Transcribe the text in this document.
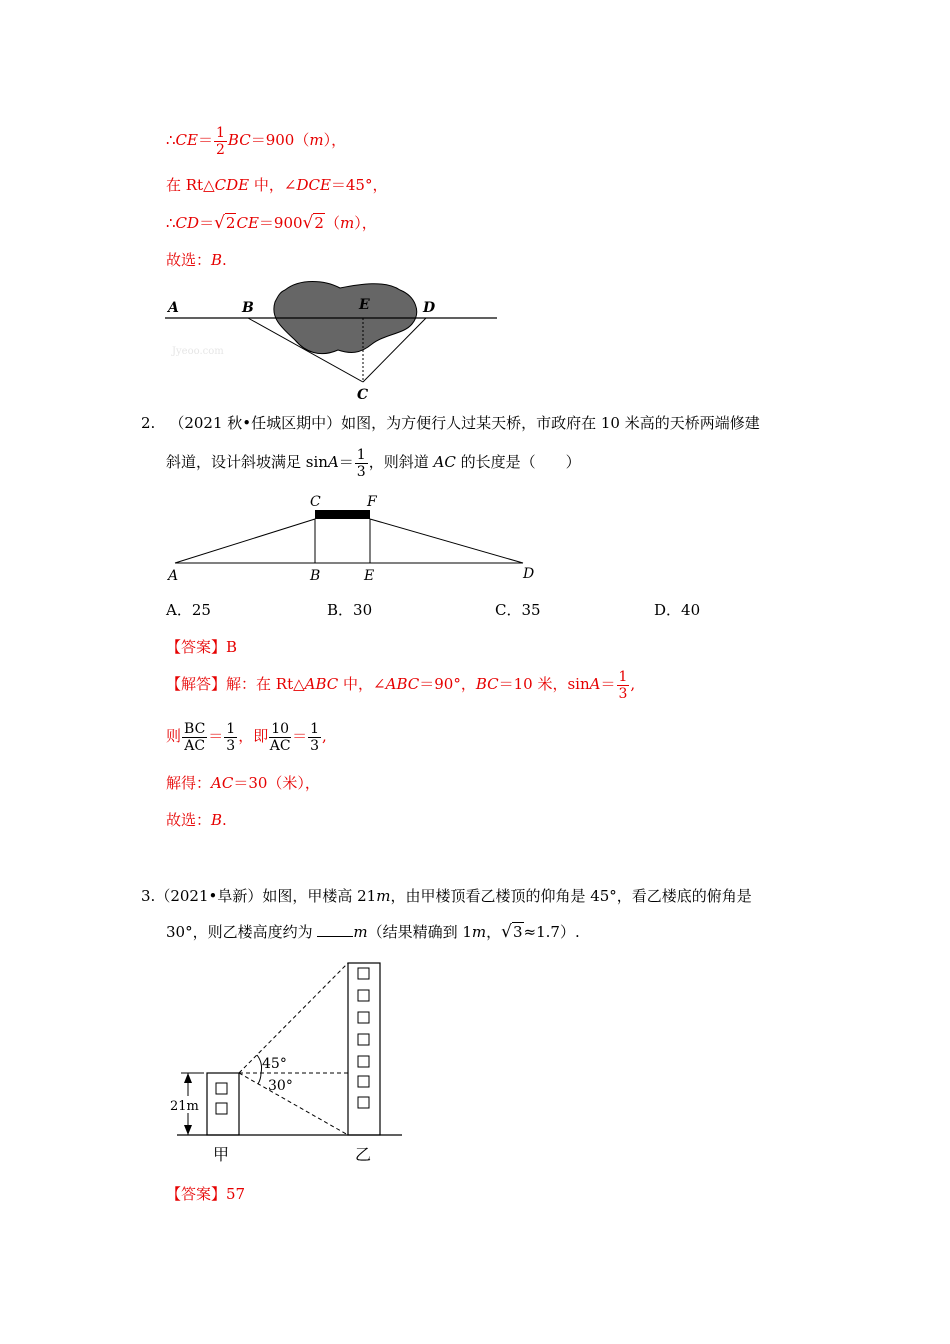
∴CE＝ $\frac{1}{2} BC=900(m)$，
在 Rt△CDE 中，∠DCE＝45°，
∴CD＝√2CE＝900√2（m），
故选：B.
A	B	E	D
C
Jyeoo.com
2. （2021 秋•任城区期中）如图，为方便行人过某天桥，市政府在 10 米高的天桥两端修建
斜道，设计斜坡满足 $\sin A= \frac{1}{3}$ ，则斜道 AC 的长度是（　　）
C	F
A	B	E	D
A．25	B．30	C．35	D．40
【答案】B
【解答】解：在 Rt△ABC 中，∠ABC＝90°，BC＝10 米，$\sin A= \frac{1}{3}$ ,
则 $\frac{BC}{AC} = \frac{1}{3}$ ，即 $\frac{10}{AC} = \frac{1}{3}$ ,
解得：AC＝30（米），
故选：B.
3.（2021•阜新）如图，甲楼高 21m，由甲楼顶看乙楼顶的仰角是 45°，看乙楼底的俯角是
30°，则乙楼高度约为 m（结果精确到 1m，√3≈1.7）.
21m
45°
30°
甲	乙
【答案】57
